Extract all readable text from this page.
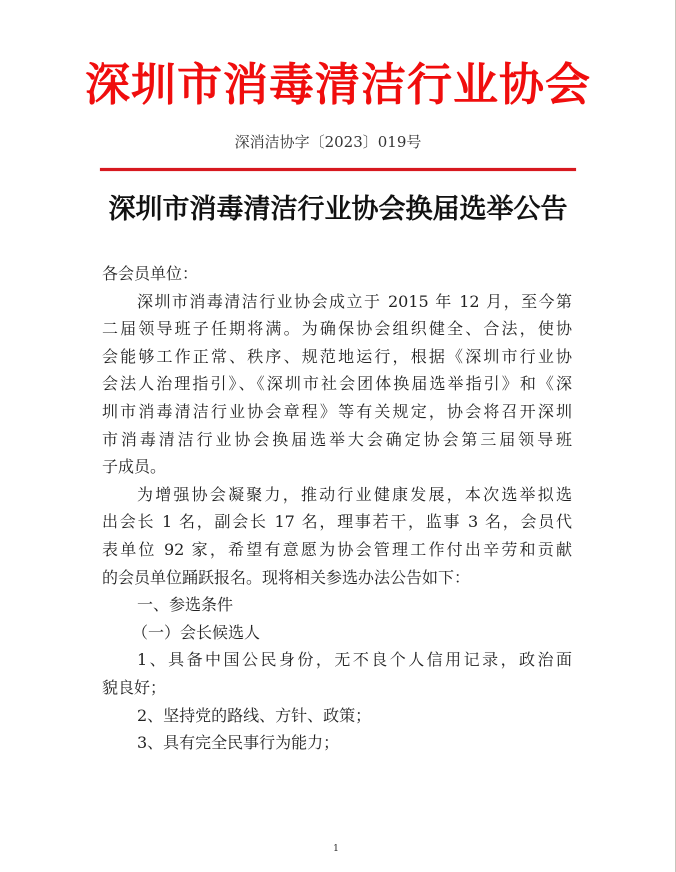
深圳市消毒清洁行业协会
深消洁协字〔2023〕019号
深圳市消毒清洁行业协会换届选举公告
各会员单位：
深圳市消毒清洁行业协会成立于 2015 年 12 月，至今第
二届领导班子任期将满。为确保协会组织健全、合法，使协
会能够工作正常、秩序、规范地运行，根据《深圳市行业协
会法人治理指引》、《深圳市社会团体换届选举指引》和《深
圳市消毒清洁行业协会章程》等有关规定，协会将召开深圳
市消毒清洁行业协会换届选举大会确定协会第三届领导班
子成员。
为增强协会凝聚力，推动行业健康发展，本次选举拟选
出会长 1 名，副会长 17 名，理事若干，监事 3 名，会员代
表单位 92 家，希望有意愿为协会管理工作付出辛劳和贡献
的会员单位踊跃报名。现将相关参选办法公告如下：
一、参选条件
（一）会长候选人
1、具备中国公民身份，无不良个人信用记录，政治面
貌良好；
2、坚持党的路线、方针、政策；
3、具有完全民事行为能力；
1
